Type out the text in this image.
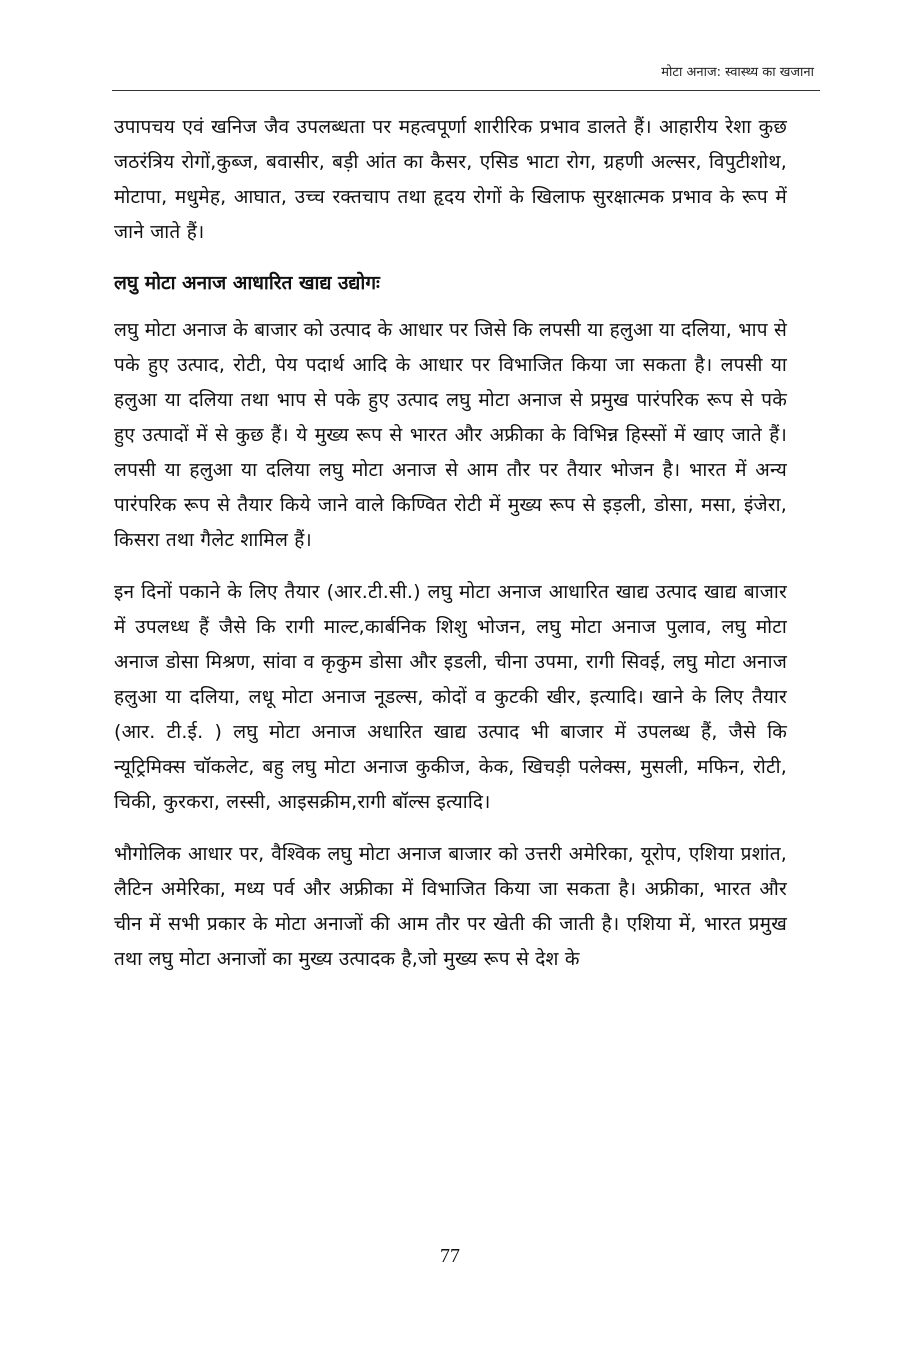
मोटा अनाज: स्वास्थ्य का खजाना

उपापचय एवं खनिज जैव उपलब्धता पर महत्वपूर्णा शारीरिक प्रभाव डालते हैं। आहारीय रेशा कुछ जठरंत्रिय रोगों,कुब्ज, बवासीर, बड़ी आंत का कैसर, एसिड भाटा रोग, ग्रहणी अल्सर, विपुटीशोथ, मोटापा, मधुमेह, आघात, उच्च रक्तचाप तथा हृदय रोगों के खिलाफ सुरक्षात्मक प्रभाव के रूप में जाने जाते हैं।

लघु मोटा अनाज आधारित खाद्य उद्योगः

लघु मोटा अनाज के बाजार को उत्पाद के आधार पर जिसे कि लपसी या हलुआ या दलिया, भाप से पके हुए उत्पाद, रोटी, पेय पदार्थ आदि के आधार पर विभाजित किया जा सकता है। लपसी या हलुआ या दलिया तथा भाप से पके हुए उत्पाद लघु मोटा अनाज से प्रमुख पारंपरिक रूप से पके हुए उत्पादों में से कुछ हैं। ये मुख्य रूप से भारत और अफ्रीका के विभिन्न हिस्सों में खाए जाते हैं।लपसी या हलुआ या दलिया लघु मोटा अनाज से आम तौर पर तैयार भोजन है। भारत में अन्य पारंपरिक रूप से तैयार किये जाने वाले किण्वित रोटी में मुख्य रूप से इड़ली, डोसा, मसा, इंजेरा, किसरा तथा गैलेट शामिल हैं।

इन दिनों पकाने के लिए तैयार (आर.टी.सी.) लघु मोटा अनाज आधारित खाद्य उत्पाद खाद्य बाजार में उपलध्ध हैं जैसे कि रागी माल्ट,कार्बनिक शिशु भोजन, लघु मोटा अनाज पुलाव, लघु मोटा अनाज डोसा मिश्रण, सांवा व कृकुम डोसा और इडली, चीना उपमा, रागी सिवई, लघु मोटा अनाज हलुआ या दलिया, लधू मोटा अनाज नूडल्स, कोदों व कुटकी खीर, इत्यादि। खाने के लिए तैयार (आर. टी.ई. ) लघु मोटा अनाज अधारित खाद्य उत्पाद भी बाजार में उपलब्ध हैं, जैसे कि न्यूट्रिमिक्स चॉकलेट, बहु लघु मोटा अनाज कुकीज, केक, खिचड़ी पलेक्स, मुसली, मफिन, रोटी, चिकी, कुरकरा, लस्सी, आइसक्रीम,रागी बॉल्स इत्यादि।

भौगोलिक आधार पर, वैश्विक लघु मोटा अनाज बाजार को उत्तरी अमेरिका, यूरोप, एशिया प्रशांत, लैटिन अमेरिका, मध्य पर्व और अफ्रीका में विभाजित किया जा सकता है। अफ्रीका, भारत और चीन में सभी प्रकार के मोटा अनाजों की आम तौर पर खेती की जाती है। एशिया में, भारत प्रमुख तथा लघु मोटा अनाजों का मुख्य उत्पादक है,जो मुख्य रूप से देश के

77
